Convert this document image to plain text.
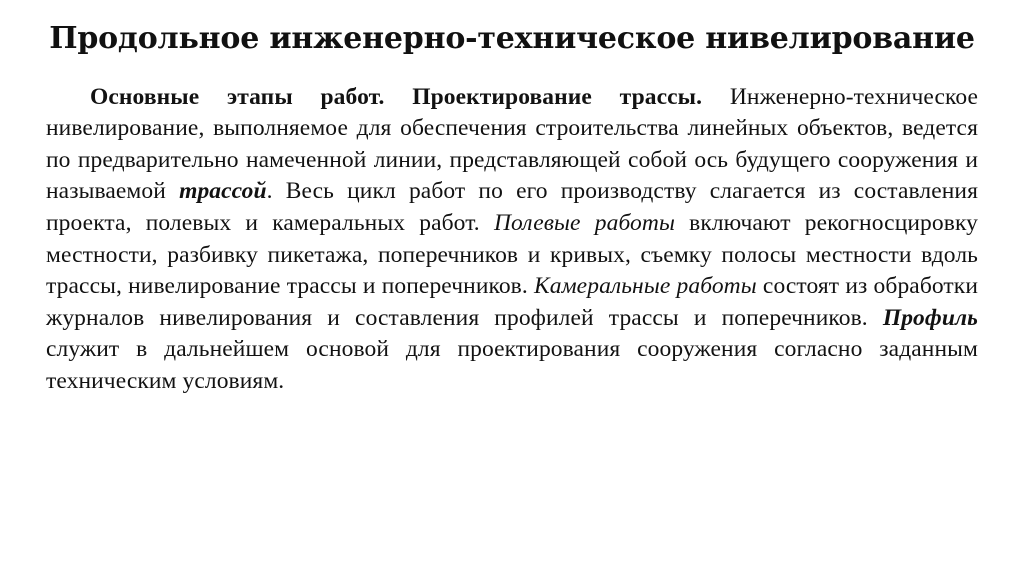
Продольное инженерно-техническое нивелирование
Основные этапы работ. Проектирование трассы. Инженерно-техническое нивелирование, выполняемое для обеспечения строительства линейных объектов, ведется по предварительно намеченной линии, представляющей собой ось будущего сооружения и называемой трассой. Весь цикл работ по его производству слагается из составления проекта, полевых и камеральных работ. Полевые работы включают рекогносцировку местности, разбивку пикетажа, поперечников и кривых, съемку полосы местности вдоль трассы, нивелирование трассы и поперечников. Камеральные работы состоят из обработки журналов нивелирования и составления профилей трассы и поперечников. Профиль служит в дальнейшем основой для проектирования сооружения согласно заданным техническим условиям.
